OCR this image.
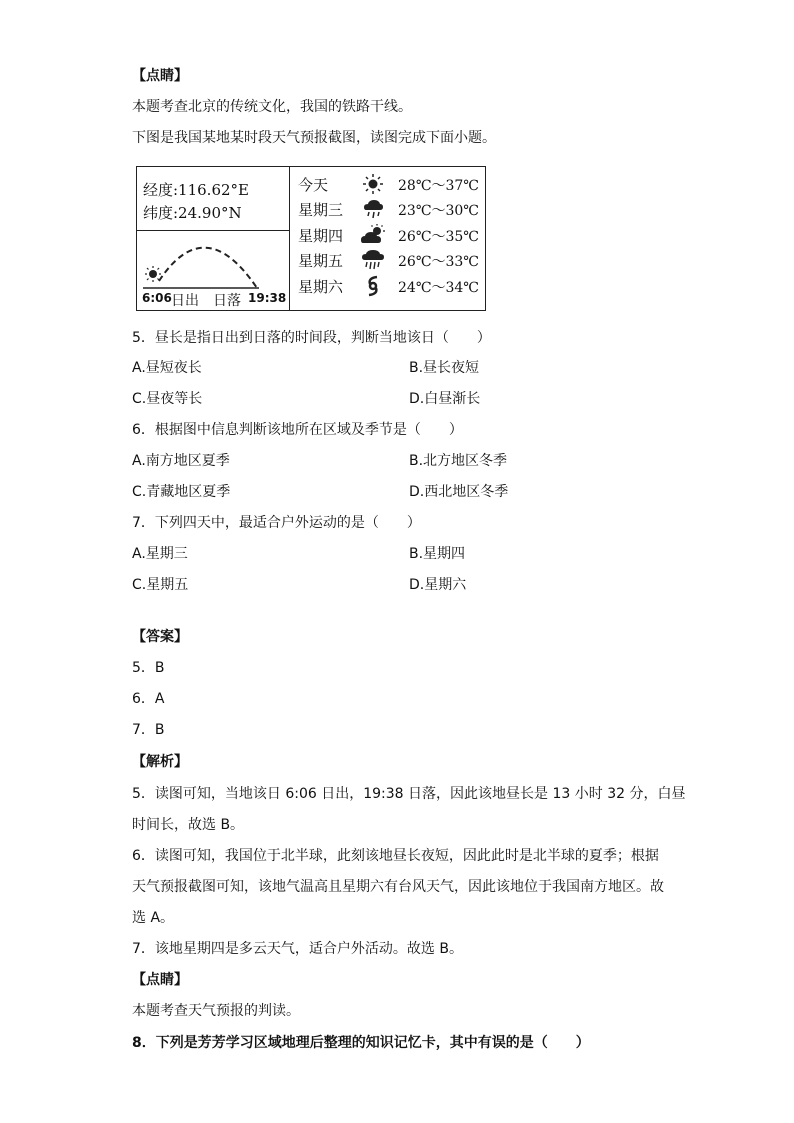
【点睛】
本题考查北京的传统文化，我国的铁路干线。
下图是我国某地某时段天气预报截图，读图完成下面小题。
经度:116.62°E
纬度:24.90°N
6:06 日出 日落 19:38
今天	28℃～37℃
星期三	23℃～30℃
星期四	26℃～35℃
星期五	26℃～33℃
星期六	24℃～34℃
5．昼长是指日出到日落的时间段，判断当地该日（　　）
A.昼短夜长	B.昼长夜短
C.昼夜等长	D.白昼渐长
6．根据图中信息判断该地所在区域及季节是（　　）
A.南方地区夏季	B.北方地区冬季
C.青藏地区夏季	D.西北地区冬季
7．下列四天中，最适合户外运动的是（　　）
A.星期三	B.星期四
C.星期五	D.星期六
【答案】
5．B
6．A
7．B
【解析】
5．读图可知，当地该日 6:06 日出，19:38 日落，因此该地昼长是 13 小时 32 分，白昼
时间长，故选 B。
6．读图可知，我国位于北半球，此刻该地昼长夜短，因此此时是北半球的夏季；根据
天气预报截图可知，该地气温高且星期六有台风天气，因此该地位于我国南方地区。故
选 A。
7．该地星期四是多云天气，适合户外活动。故选 B。
【点睛】
本题考查天气预报的判读。
8．下列是芳芳学习区域地理后整理的知识记忆卡，其中有误的是（　　）
